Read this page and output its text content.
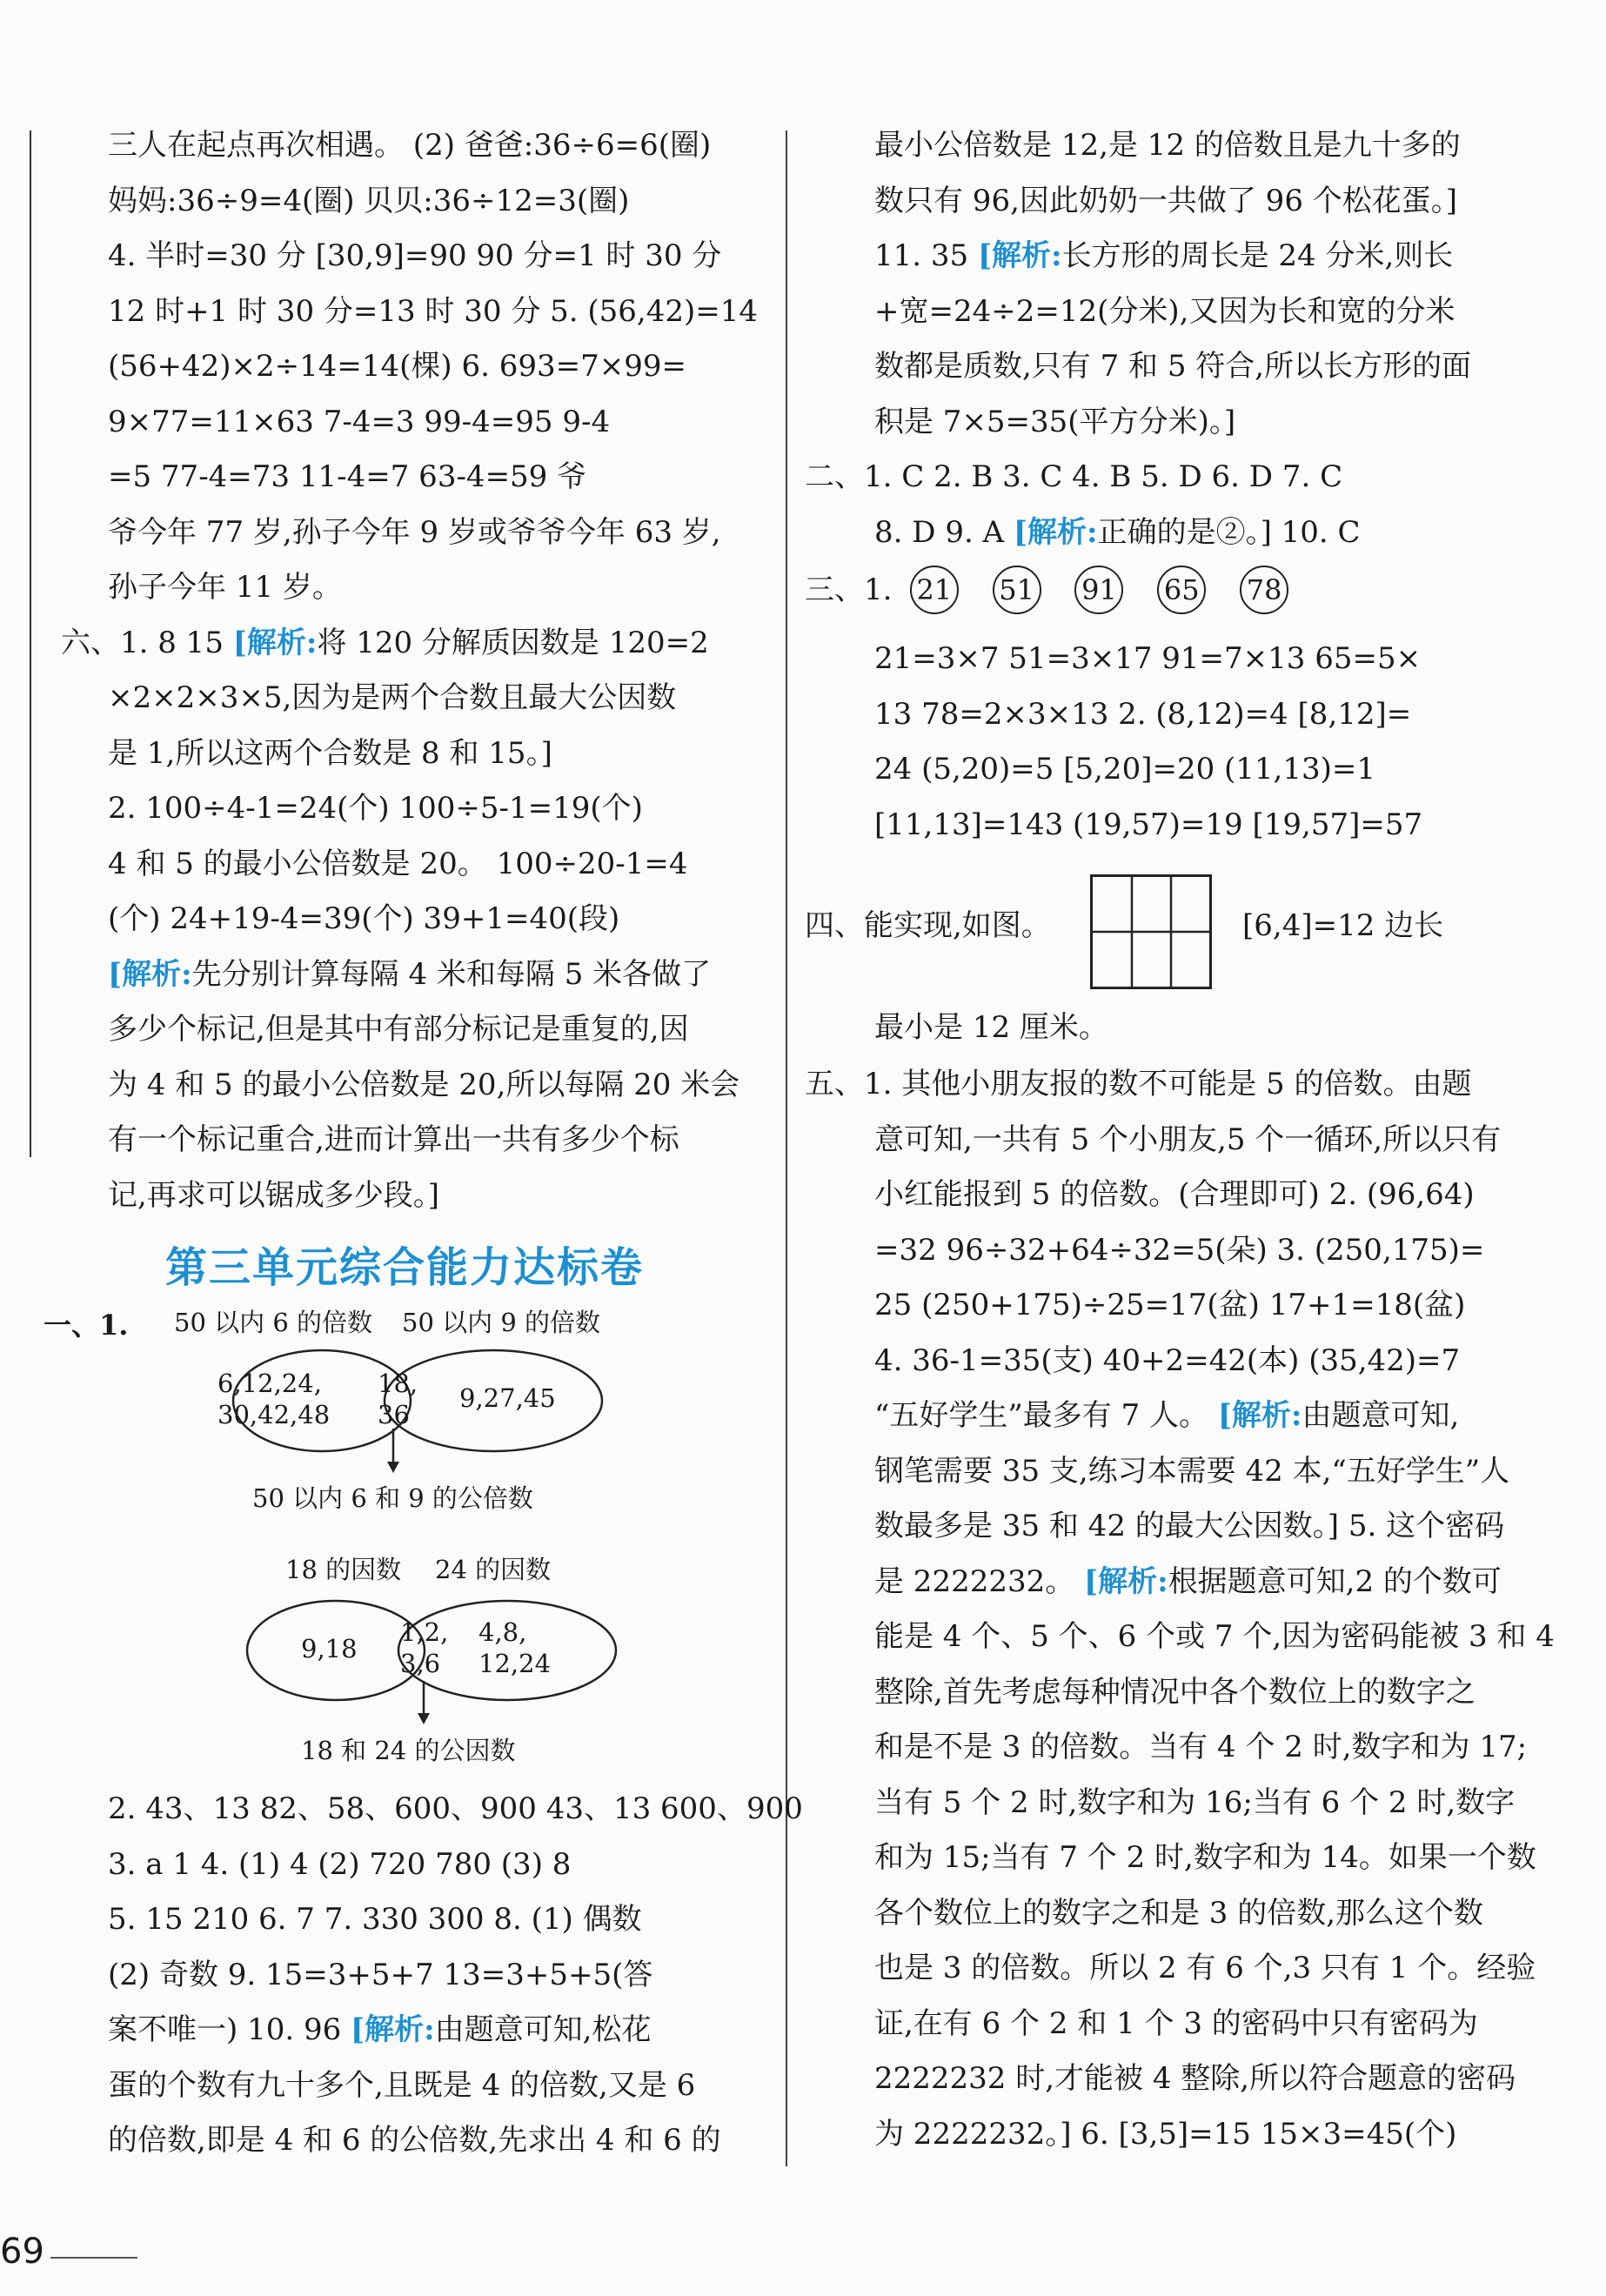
三人在起点再次相遇。 (2) 爸爸:36÷6=6(圈)
妈妈:36÷9=4(圈) 贝贝:36÷12=3(圈)
4. 半时=30 分 [30,9]=90 90 分=1 时 30 分
12 时+1 时 30 分=13 时 30 分 5. (56,42)=14
(56+42)×2÷14=14(棵) 6. 693=7×99=
9×77=11×63 7-4=3 99-4=95 9-4
=5 77-4=73 11-4=7 63-4=59 爷
爷今年 77 岁,孙子今年 9 岁或爷爷今年 63 岁,
孙子今年 11 岁。
六、1. 8 15 [解析:将 120 分解质因数是 120=2
×2×2×3×5,因为是两个合数且最大公因数
是 1,所以这两个合数是 8 和 15。]
2. 100÷4-1=24(个) 100÷5-1=19(个)
4 和 5 的最小公倍数是 20。 100÷20-1=4
(个) 24+19-4=39(个) 39+1=40(段)
[解析:先分别计算每隔 4 米和每隔 5 米各做了
多少个标记,但是其中有部分标记是重复的,因
为 4 和 5 的最小公倍数是 20,所以每隔 20 米会
有一个标记重合,进而计算出一共有多少个标
记,再求可以锯成多少段。]
第三单元综合能力达标卷
一、1. 50 以内 6 的倍数 50 以内 9 的倍数
6,12,24,
30,42,48
18,
36
9,27,45
50 以内 6 和 9 的公倍数
18 的因数 24 的因数
9,18
1,2,
3,6
4,8,
12,24
18 和 24 的公因数
2. 43、13 82、58、600、900 43、13 600、900
3. a 1 4. (1) 4 (2) 720 780 (3) 8
5. 15 210 6. 7 7. 330 300 8. (1) 偶数
(2) 奇数 9. 15=3+5+7 13=3+5+5(答
案不唯一) 10. 96 [解析:由题意可知,松花
蛋的个数有九十多个,且既是 4 的倍数,又是 6
的倍数,即是 4 和 6 的公倍数,先求出 4 和 6 的
最小公倍数是 12,是 12 的倍数且是九十多的
数只有 96,因此奶奶一共做了 96 个松花蛋。]
11. 35 [解析:长方形的周长是 24 分米,则长
+宽=24÷2=12(分米),又因为长和宽的分米
数都是质数,只有 7 和 5 符合,所以长方形的面
积是 7×5=35(平方分米)。]
二、1. C 2. B 3. C 4. B 5. D 6. D 7. C
8. D 9. A [解析:正确的是②。] 10. C
三、1. 21 51 91 65 78
21=3×7 51=3×17 91=7×13 65=5×
13 78=2×3×13 2. (8,12)=4 [8,12]=
24 (5,20)=5 [5,20]=20 (11,13)=1
[11,13]=143 (19,57)=19 [19,57]=57
四、能实现,如图。	[6,4]=12 边长
最小是 12 厘米。
五、1. 其他小朋友报的数不可能是 5 的倍数。由题
意可知,一共有 5 个小朋友,5 个一循环,所以只有
小红能报到 5 的倍数。(合理即可) 2. (96,64)
=32 96÷32+64÷32=5(朵) 3. (250,175)=
25 (250+175)÷25=17(盆) 17+1=18(盆)
4. 36-1=35(支) 40+2=42(本) (35,42)=7
“五好学生”最多有 7 人。 [解析:由题意可知,
钢笔需要 35 支,练习本需要 42 本,“五好学生”人
数最多是 35 和 42 的最大公因数。] 5. 这个密码
是 2222232。 [解析:根据题意可知,2 的个数可
能是 4 个、5 个、6 个或 7 个,因为密码能被 3 和 4
整除,首先考虑每种情况中各个数位上的数字之
和是不是 3 的倍数。当有 4 个 2 时,数字和为 17;
当有 5 个 2 时,数字和为 16;当有 6 个 2 时,数字
和为 15;当有 7 个 2 时,数字和为 14。如果一个数
各个数位上的数字之和是 3 的倍数,那么这个数
也是 3 的倍数。所以 2 有 6 个,3 只有 1 个。经验
证,在有 6 个 2 和 1 个 3 的密码中只有密码为
2222232 时,才能被 4 整除,所以符合题意的密码
为 2222232。] 6. [3,5]=15 15×3=45(个)
69
